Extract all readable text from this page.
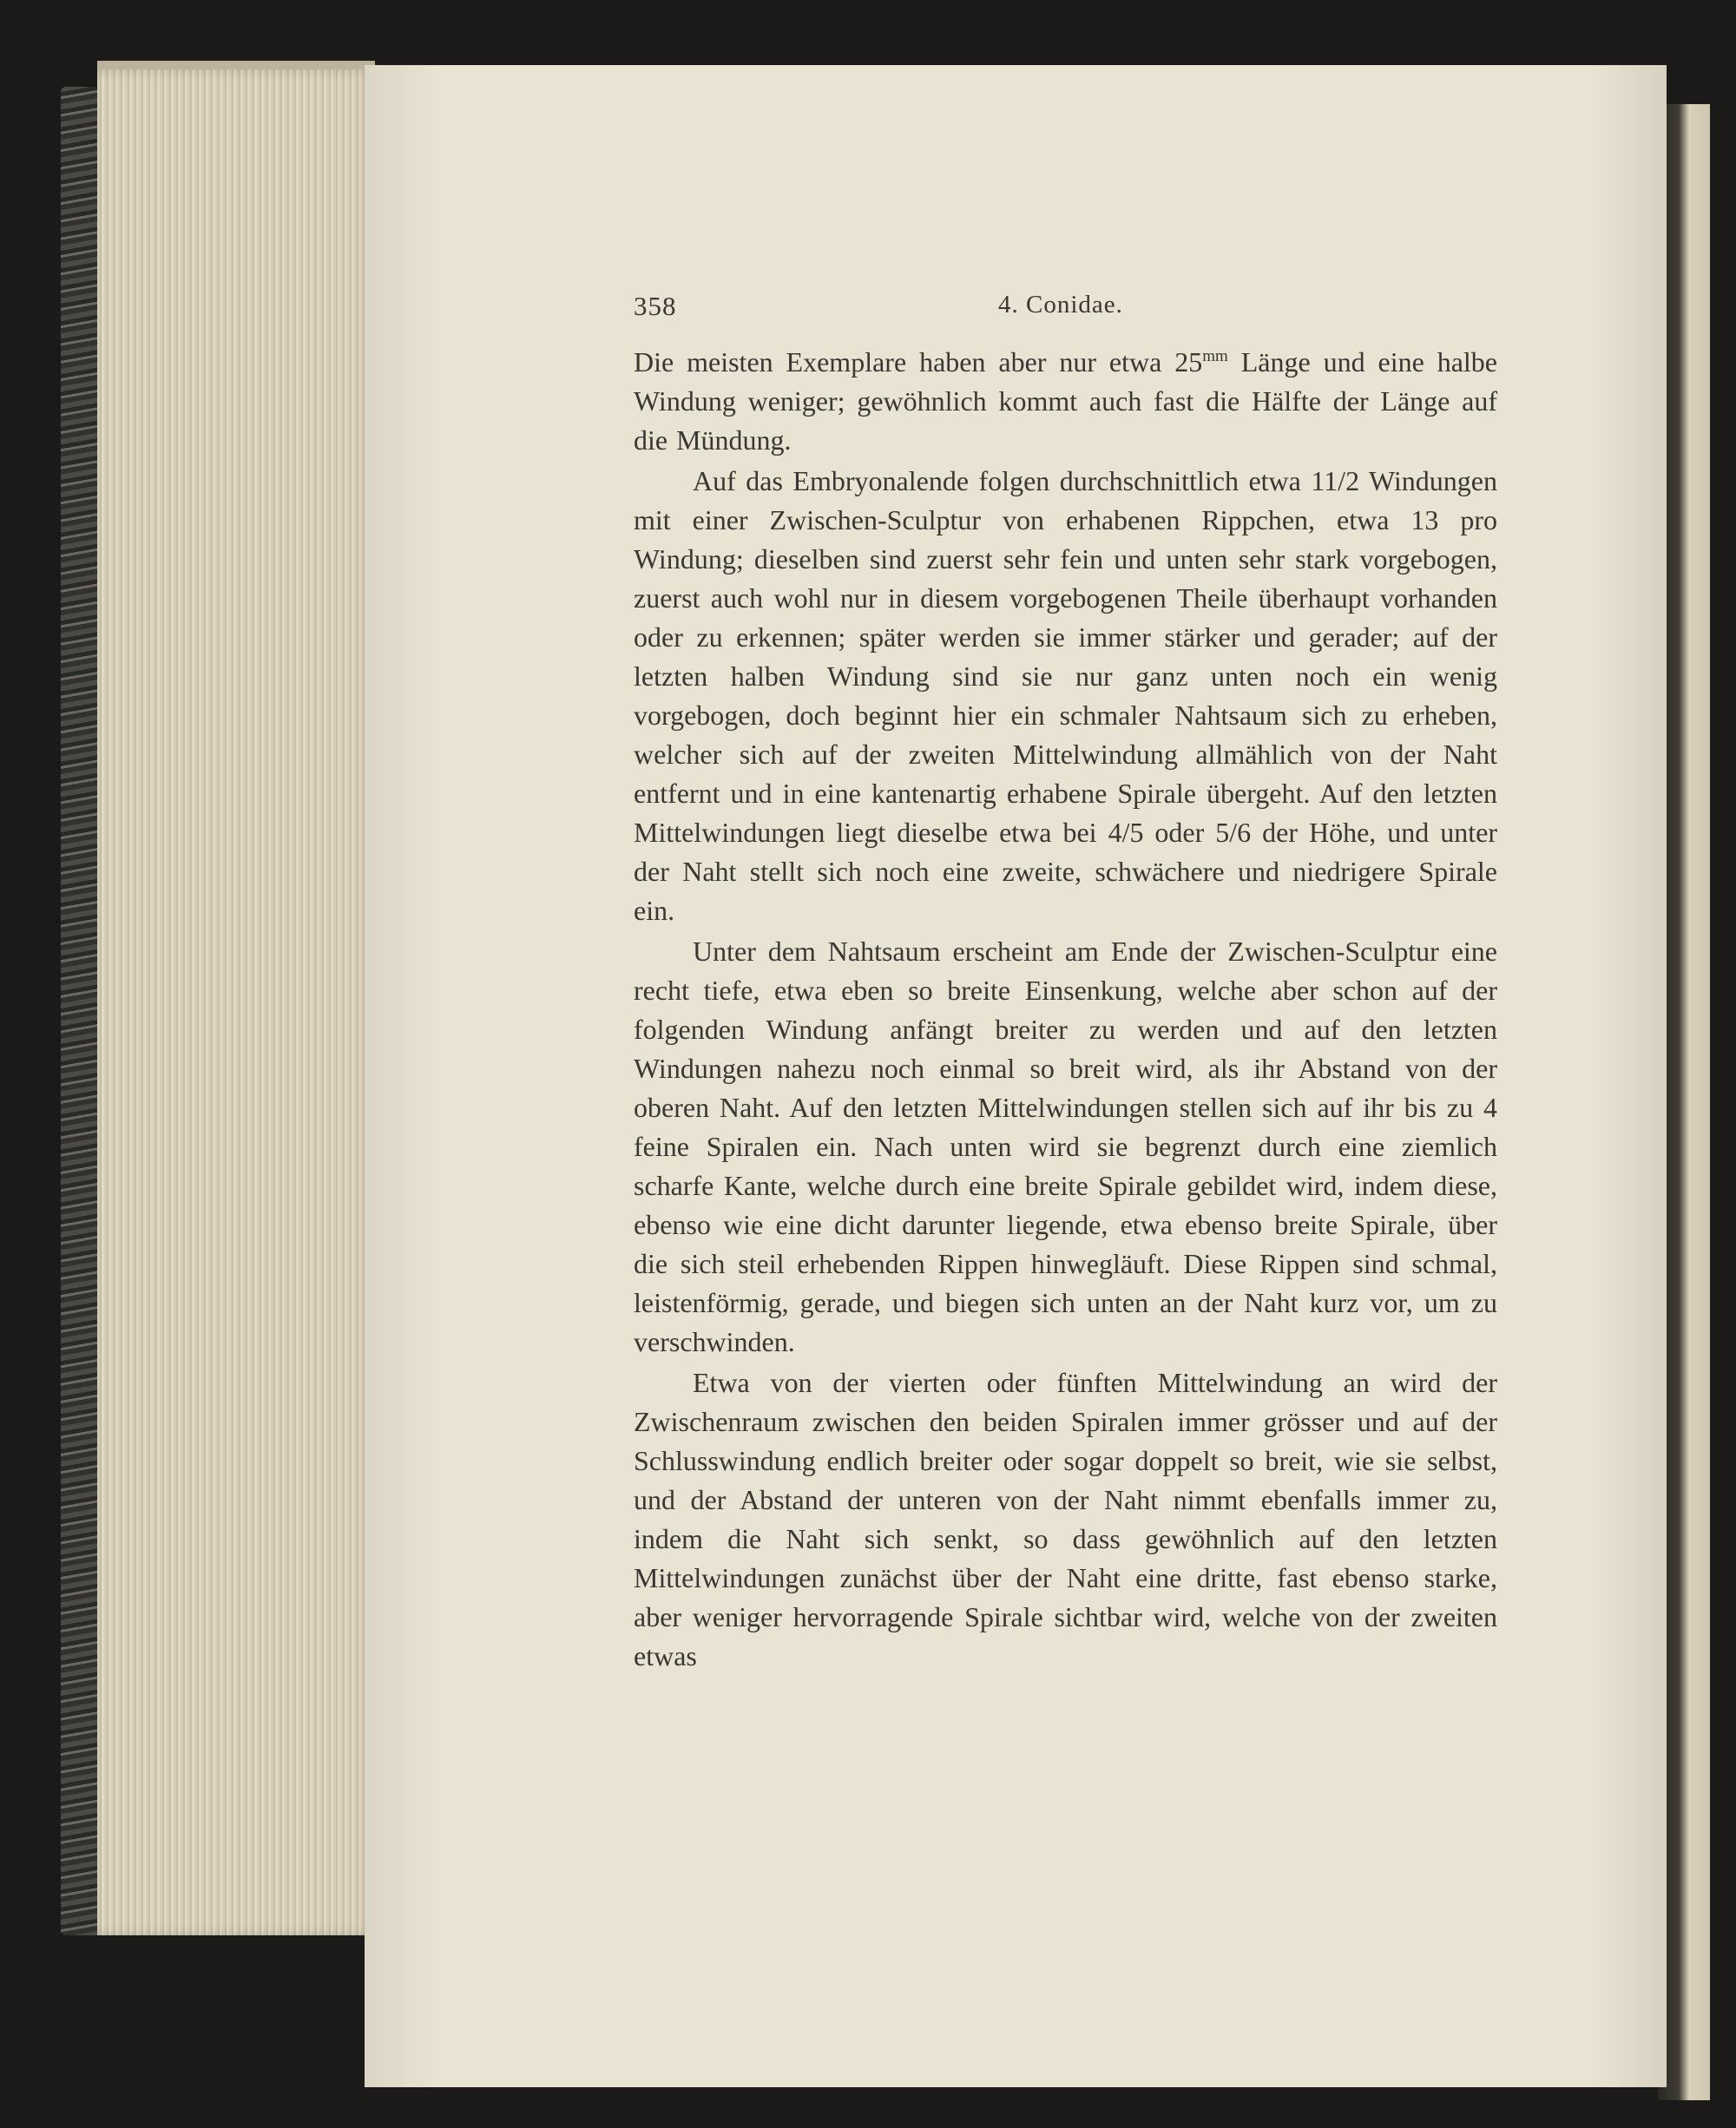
358	4. Conidae.

Die meisten Exemplare haben aber nur etwa $25^{mm}$ Länge und eine halbe Windung weniger; gewöhnlich kommt auch fast die Hälfte der Länge auf die Mündung.

Auf das Embryonalende folgen durchschnittlich etwa 11/2 Windungen mit einer Zwischen-Sculptur von erhabenen Rippchen, etwa 13 pro Windung; dieselben sind zuerst sehr fein und unten sehr stark vorgebogen, zuerst auch wohl nur in diesem vorgebogenen Theile überhaupt vorhanden oder zu erkennen; später werden sie immer stärker und gerader; auf der letzten halben Windung sind sie nur ganz unten noch ein wenig vorgebogen, doch beginnt hier ein schmaler Nahtsaum sich zu erheben, welcher sich auf der zweiten Mittelwindung allmählich von der Naht entfernt und in eine kantenartig erhabene Spirale übergeht. Auf den letzten Mittelwindungen liegt dieselbe etwa bei 4/5 oder 5/6 der Höhe, und unter der Naht stellt sich noch eine zweite, schwächere und niedrigere Spirale ein.

Unter dem Nahtsaum erscheint am Ende der Zwischen-Sculptur eine recht tiefe, etwa eben so breite Einsenkung, welche aber schon auf der folgenden Windung anfängt breiter zu werden und auf den letzten Windungen nahezu noch einmal so breit wird, als ihr Abstand von der oberen Naht. Auf den letzten Mittelwindungen stellen sich auf ihr bis zu 4 feine Spiralen ein. Nach unten wird sie begrenzt durch eine ziemlich scharfe Kante, welche durch eine breite Spirale gebildet wird, indem diese, ebenso wie eine dicht darunter liegende, etwa ebenso breite Spirale, über die sich steil erhebenden Rippen hinwegläuft. Diese Rippen sind schmal, leistenförmig, gerade, und biegen sich unten an der Naht kurz vor, um zu verschwinden.

Etwa von der vierten oder fünften Mittelwindung an wird der Zwischenraum zwischen den beiden Spiralen immer grösser und auf der Schlusswindung endlich breiter oder sogar doppelt so breit, wie sie selbst, und der Abstand der unteren von der Naht nimmt ebenfalls immer zu, indem die Naht sich senkt, so dass gewöhnlich auf den letzten Mittelwindungen zunächst über der Naht eine dritte, fast ebenso starke, aber weniger hervorragende Spirale sichtbar wird, welche von der zweiten etwas
